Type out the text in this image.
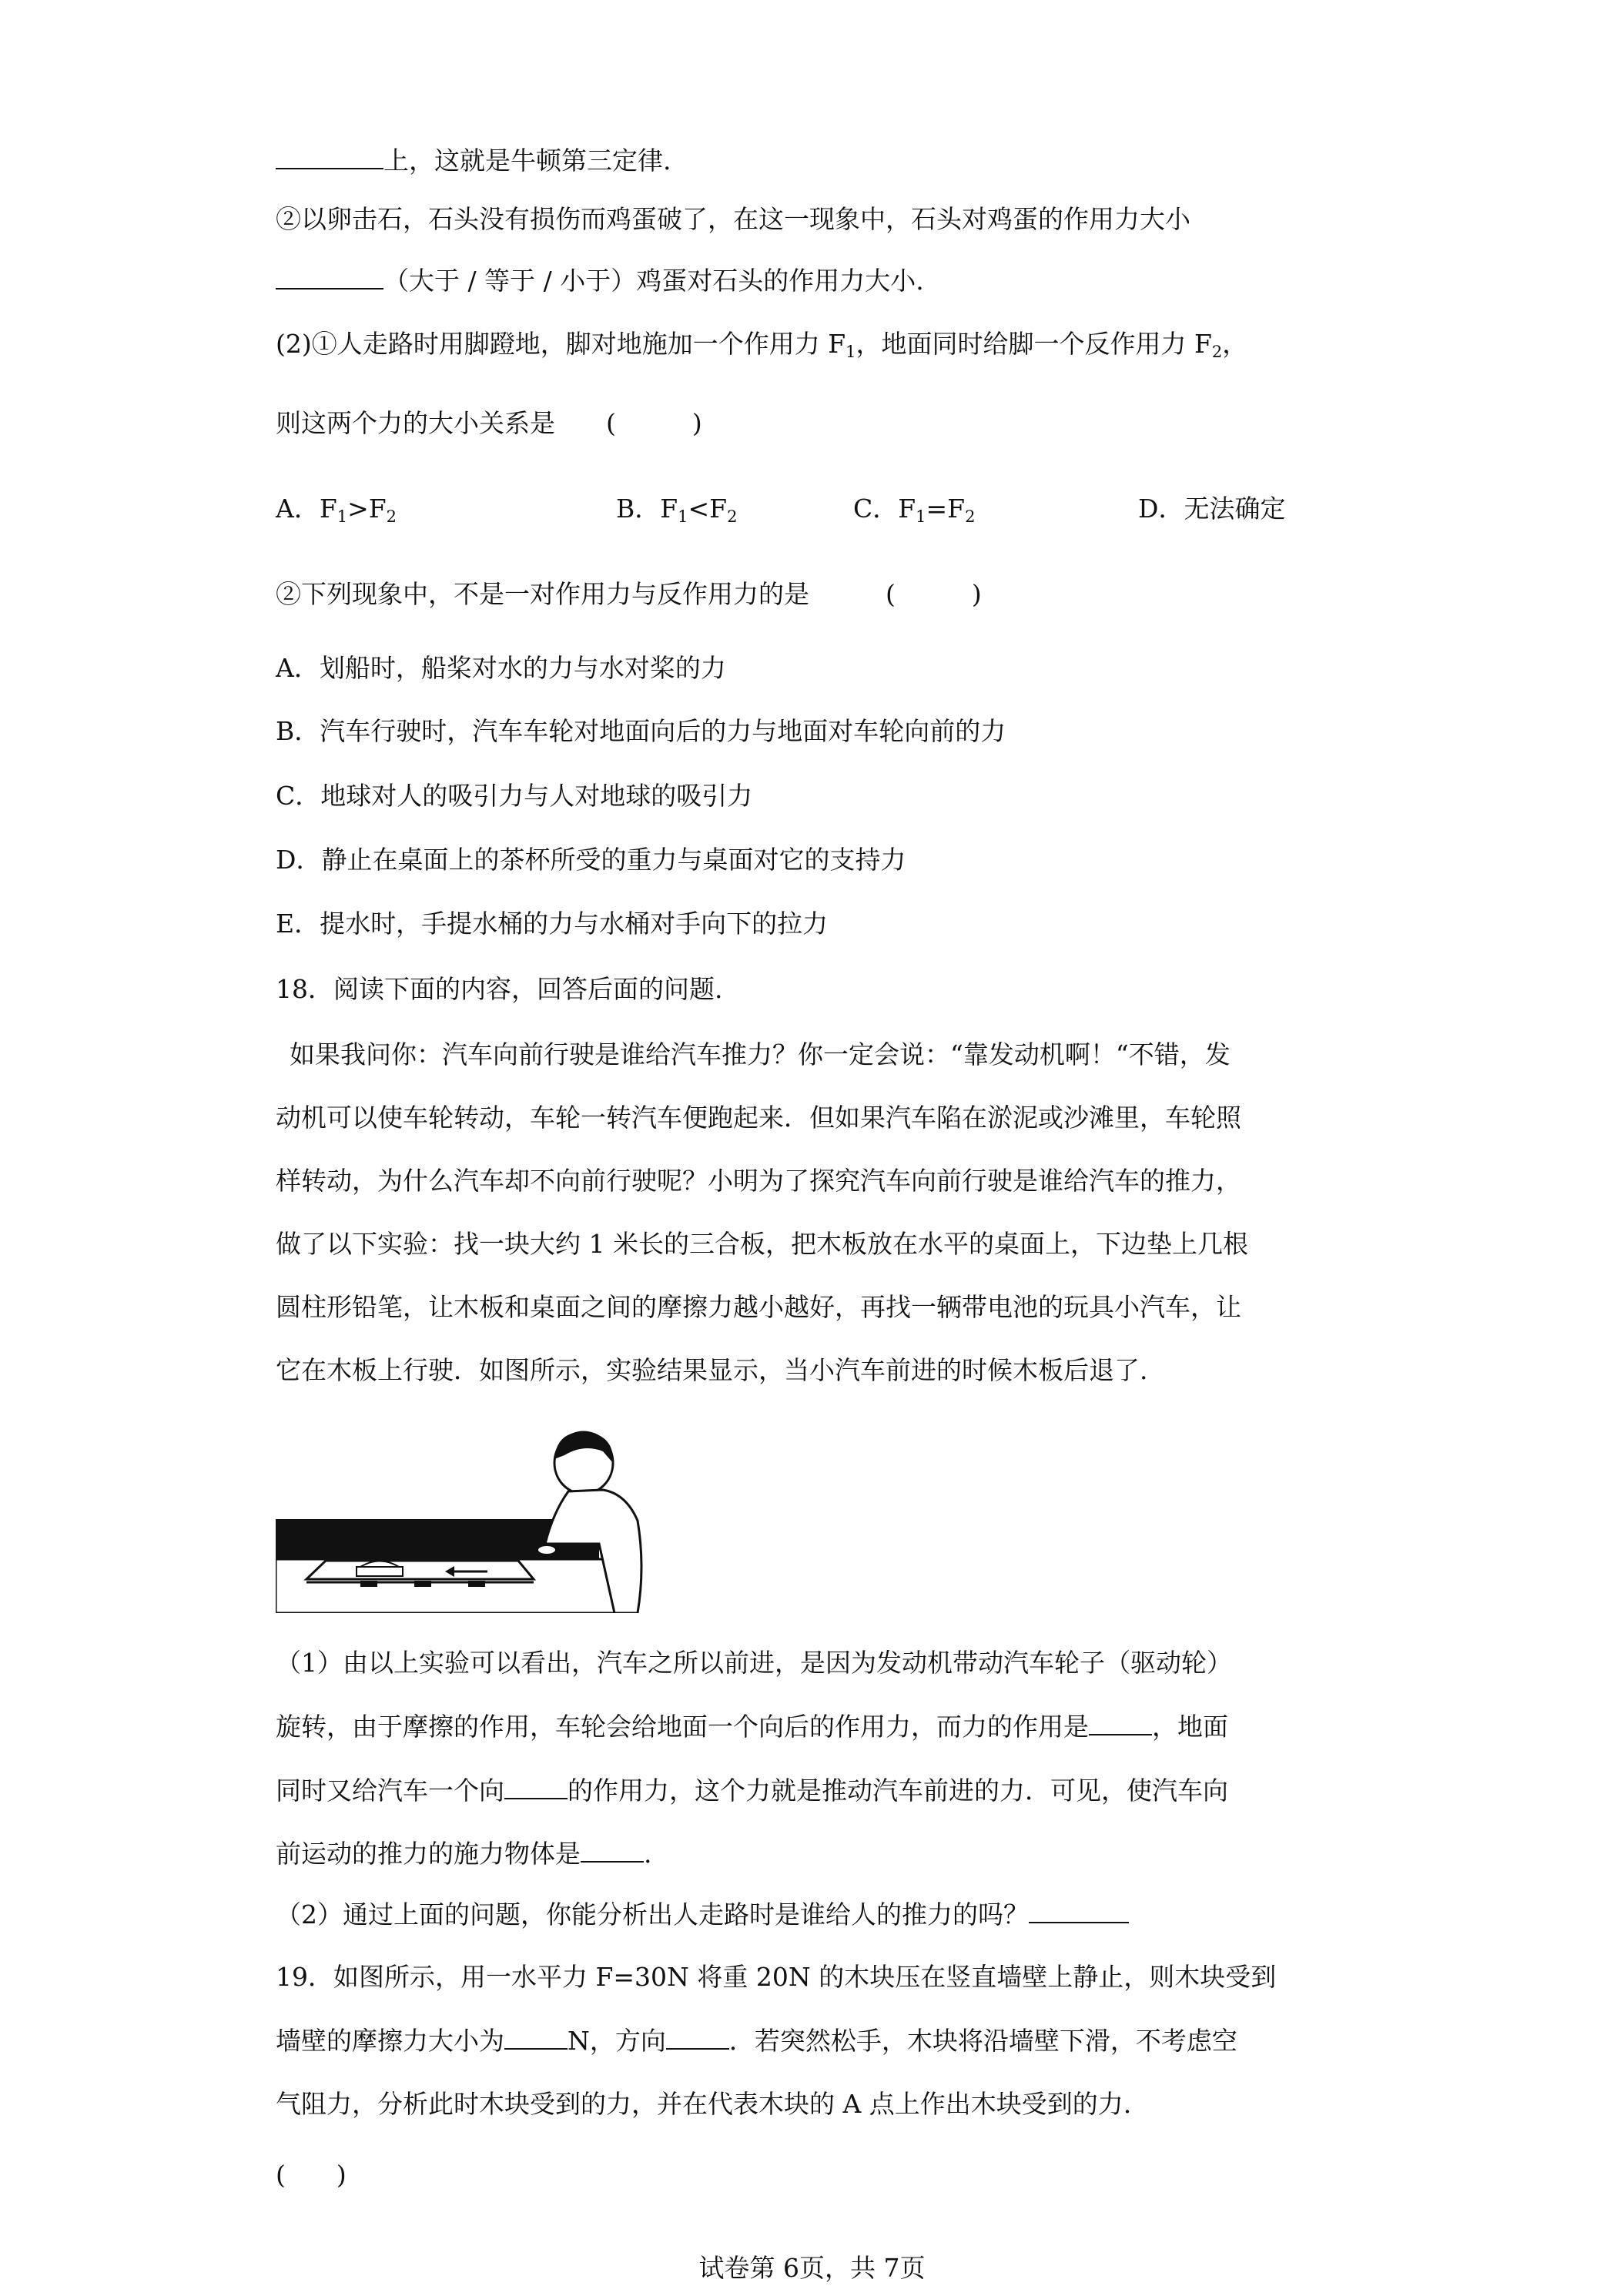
上，这就是牛顿第三定律.
②以卵击石，石头没有损伤而鸡蛋破了，在这一现象中，石头对鸡蛋的作用力大小
（大于 / 等于 / 小于）鸡蛋对石头的作用力大小.
(2)①人走路时用脚蹬地，脚对地施加一个作用力 $F_1$，地面同时给脚一个反作用力 $F_2$，
则这两个力的大小关系是　　(　　　)
A．$F_1>F_2$	B．$F_1<F_2$	C．$F_1=F_2$	D．无法确定
②下列现象中，不是一对作用力与反作用力的是　　　(　　　)
A．划船时，船桨对水的力与水对桨的力
B．汽车行驶时，汽车车轮对地面向后的力与地面对车轮向前的力
C．地球对人的吸引力与人对地球的吸引力
D．静止在桌面上的茶杯所受的重力与桌面对它的支持力
E．提水时，手提水桶的力与水桶对手向下的拉力
18．阅读下面的内容，回答后面的问题.
如果我问你：汽车向前行驶是谁给汽车推力？你一定会说：“靠发动机啊！“不错，发
动机可以使车轮转动，车轮一转汽车便跑起来．但如果汽车陷在淤泥或沙滩里，车轮照
样转动，为什么汽车却不向前行驶呢？小明为了探究汽车向前行驶是谁给汽车的推力，
做了以下实验：找一块大约 1 米长的三合板，把木板放在水平的桌面上，下边垫上几根
圆柱形铅笔，让木板和桌面之间的摩擦力越小越好，再找一辆带电池的玩具小汽车，让
它在木板上行驶．如图所示，实验结果显示，当小汽车前进的时候木板后退了.
（1）由以上实验可以看出，汽车之所以前进，是因为发动机带动汽车轮子（驱动轮）
旋转，由于摩擦的作用，车轮会给地面一个向后的作用力，而力的作用是 ，地面
同时又给汽车一个向 的作用力，这个力就是推动汽车前进的力．可见，使汽车向
前运动的推力的施力物体是 .
（2）通过上面的问题，你能分析出人走路时是谁给人的推力的吗？
19．如图所示，用一水平力 F=30N 将重 20N 的木块压在竖直墙壁上静止，则木块受到
墙壁的摩擦力大小为 N，方向 ．若突然松手，木块将沿墙壁下滑，不考虑空
气阻力，分析此时木块受到的力，并在代表木块的 A 点上作出木块受到的力.
(　　)
试卷第 6页，共 7页
